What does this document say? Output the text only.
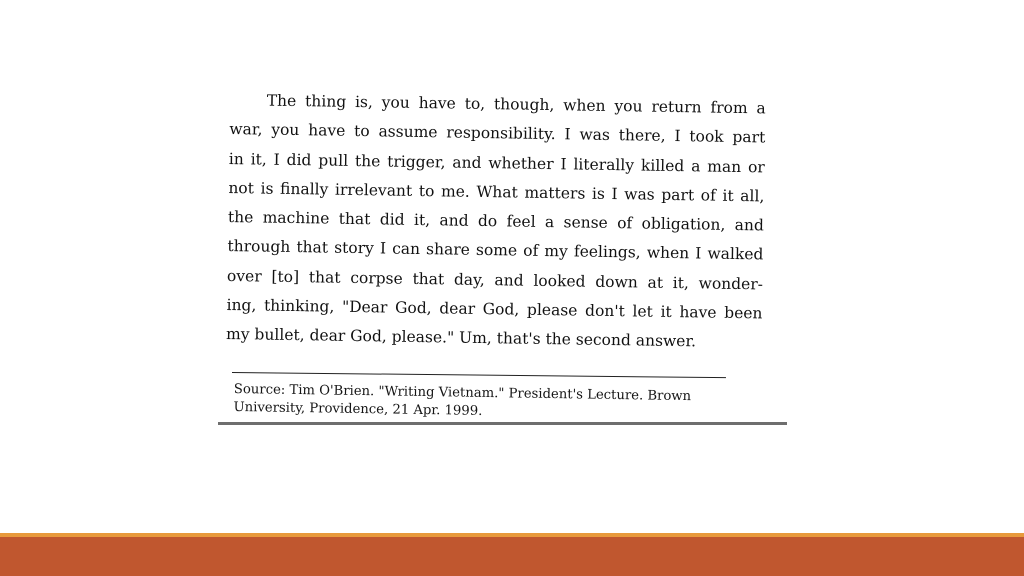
The thing is, you have to, though, when you return from a
war, you have to assume responsibility. I was there, I took part
in it, I did pull the trigger, and whether I literally killed a man or
not is finally irrelevant to me. What matters is I was part of it all,
the machine that did it, and do feel a sense of obligation, and
through that story I can share some of my feelings, when I walked
over [to] that corpse that day, and looked down at it, wonder-
ing, thinking, "Dear God, dear God, please don't let it have been
my bullet, dear God, please." Um, that's the second answer.
Source: Tim O'Brien. "Writing Vietnam." President's Lecture. Brown
University, Providence, 21 Apr. 1999.
